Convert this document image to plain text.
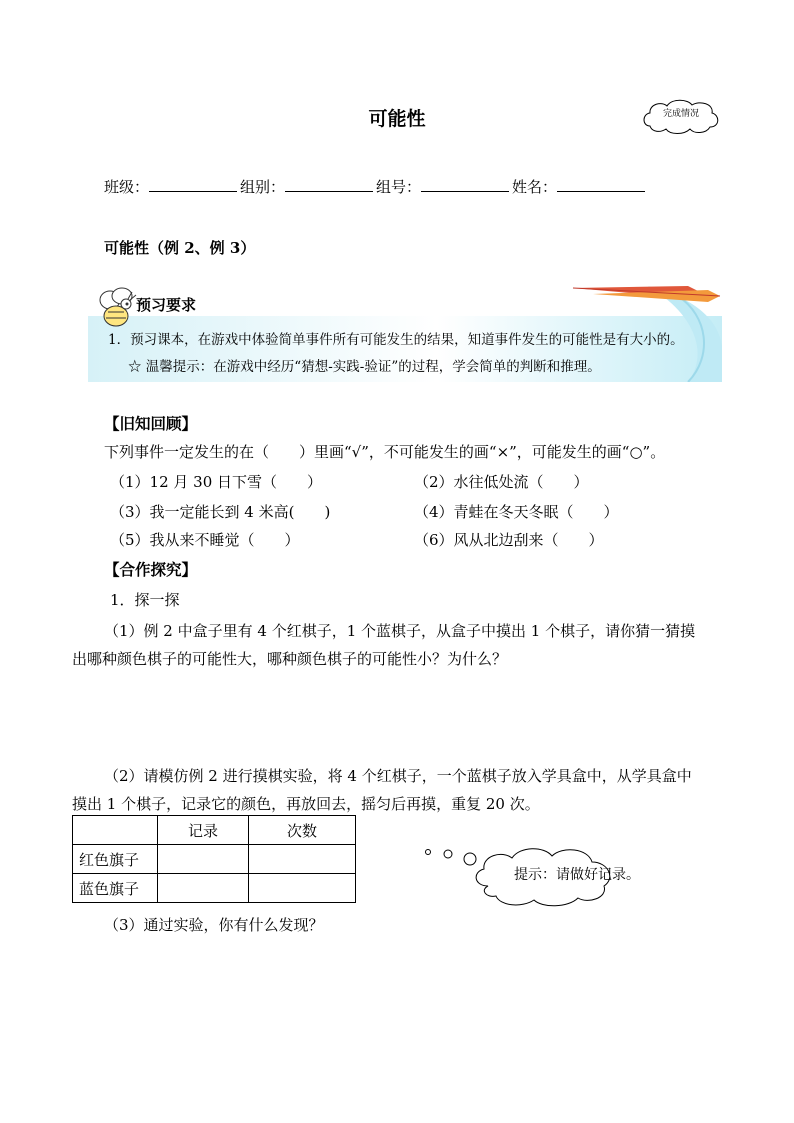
可能性	完成情况
班级：	组别：	组号：	姓名：
可能性（例 2、例 3）
预习要求
1．预习课本，在游戏中体验简单事件所有可能发生的结果，知道事件发生的可能性是有大小的。
☆ 温馨提示：在游戏中经历“猜想-实践-验证”的过程，学会简单的判断和推理。
【旧知回顾】
下列事件一定发生的在（　　）里画“√”，不可能发生的画“×”，可能发生的画“○”。
（1）12 月 30 日下雪（　　）	（2）水往低处流（　　）
（3）我一定能长到 4 米高(　　)	（4）青蛙在冬天冬眠（　　）
（5）我从来不睡觉（　　）	（6）风从北边刮来（　　）
【合作探究】
1．探一探
（1）例 2 中盒子里有 4 个红棋子，1 个蓝棋子，从盒子中摸出 1 个棋子，请你猜一猜摸
出哪种颜色棋子的可能性大，哪种颜色棋子的可能性小？为什么？
（2）请模仿例 2 进行摸棋实验，将 4 个红棋子，一个蓝棋子放入学具盒中，从学具盒中
摸出 1 个棋子，记录它的颜色，再放回去，摇匀后再摸，重复 20 次。
	记录	次数
红色旗子		
蓝色旗子		
提示：请做好记录。
（3）通过实验，你有什么发现？
